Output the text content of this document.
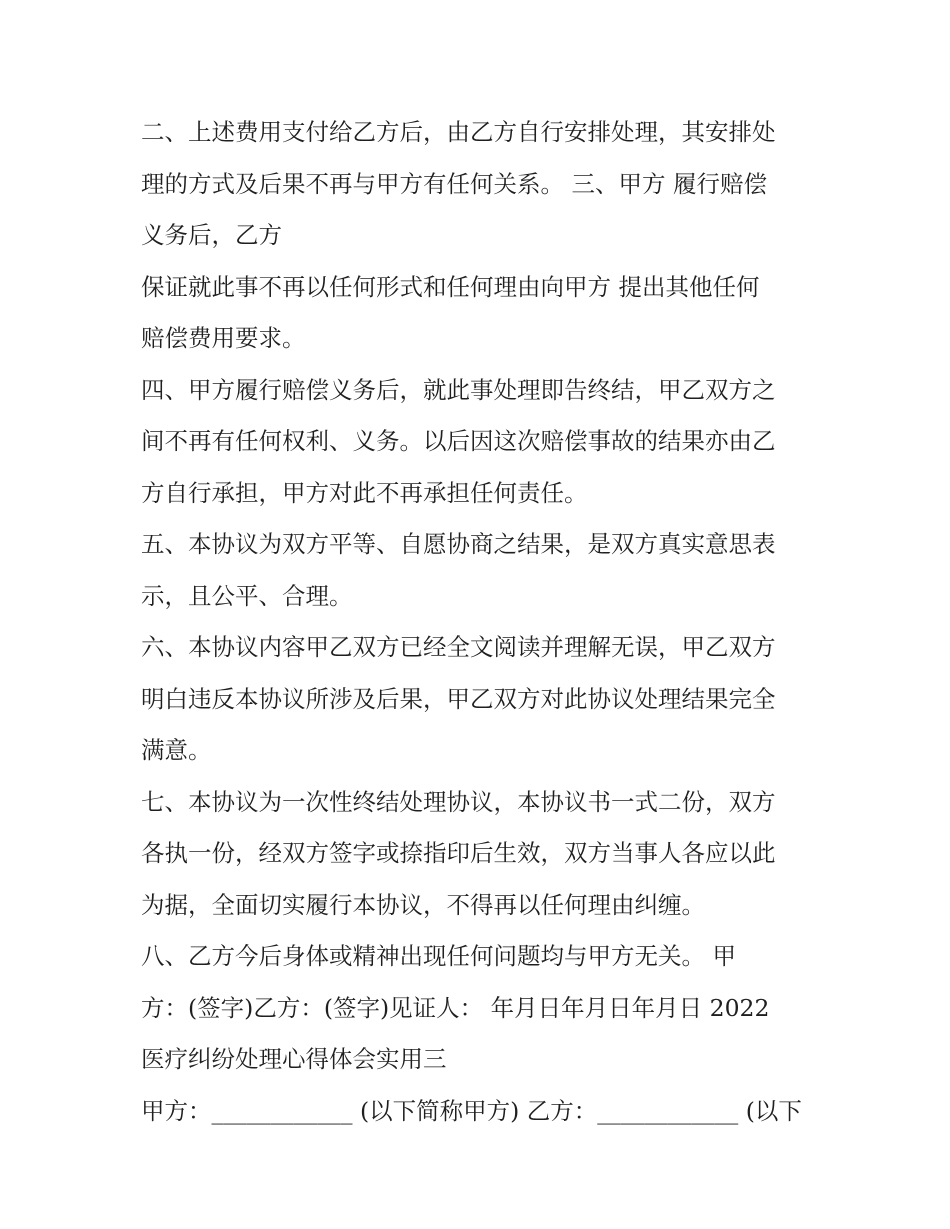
二、上述费用支付给乙方后，由乙方自行安排处理，其安排处
理的方式及后果不再与甲方有任何关系。 三、甲方 履行赔偿
义务后，乙方
保证就此事不再以任何形式和任何理由向甲方 提出其他任何
赔偿费用要求。
四、甲方履行赔偿义务后，就此事处理即告终结，甲乙双方之
间不再有任何权利、义务。以后因这次赔偿事故的结果亦由乙
方自行承担，甲方对此不再承担任何责任。
五、本协议为双方平等、自愿协商之结果，是双方真实意思表
示，且公平、合理。
六、本协议内容甲乙双方已经全文阅读并理解无误，甲乙双方
明白违反本协议所涉及后果，甲乙双方对此协议处理结果完全
满意。
七、本协议为一次性终结处理协议，本协议书一式二份，双方
各执一份，经双方签字或捺指印后生效，双方当事人各应以此
为据，全面切实履行本协议，不得再以任何理由纠缠。
八、乙方今后身体或精神出现任何问题均与甲方无关。 甲
方：(签字)乙方：(签字)见证人： 年月日年月日年月日 2022
医疗纠纷处理心得体会实用三
甲方：____________ (以下简称甲方) 乙方：____________ (以下
